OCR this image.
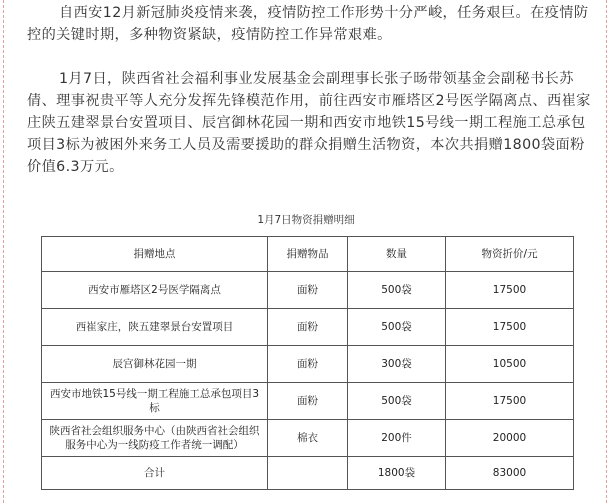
自西安12月新冠肺炎疫情来袭，疫情防控工作形势十分严峻，任务艰巨。在疫情防控的关键时期，多种物资紧缺，疫情防控工作异常艰难。

1月7日，陕西省社会福利事业发展基金会副理事长张子旸带领基金会副秘书长苏倩、理事祝贵平等人充分发挥先锋模范作用，前往西安市雁塔区2号医学隔离点、西崔家庄陕五建翠景台安置项目、辰宫御林花园一期和西安市地铁15号线一期工程施工总承包项目3标为被困外来务工人员及需要援助的群众捐赠生活物资，本次共捐赠1800袋面粉价值6.3万元。

1月7日物资捐赠明细
捐赠地点	捐赠物品	数量	物资折价/元
西安市雁塔区2号医学隔离点	面粉	500袋	17500
西崔家庄，陕五建翠景台安置项目	面粉	500袋	17500
辰宫御林花园一期	面粉	300袋	10500
西安市地铁15号线一期工程施工总承包项目3标	面粉	500袋	17500
陕西省社会组织服务中心（由陕西省社会组织服务中心为一线防疫工作者统一调配）	棉衣	200件	20000
合计		1800袋	83000
